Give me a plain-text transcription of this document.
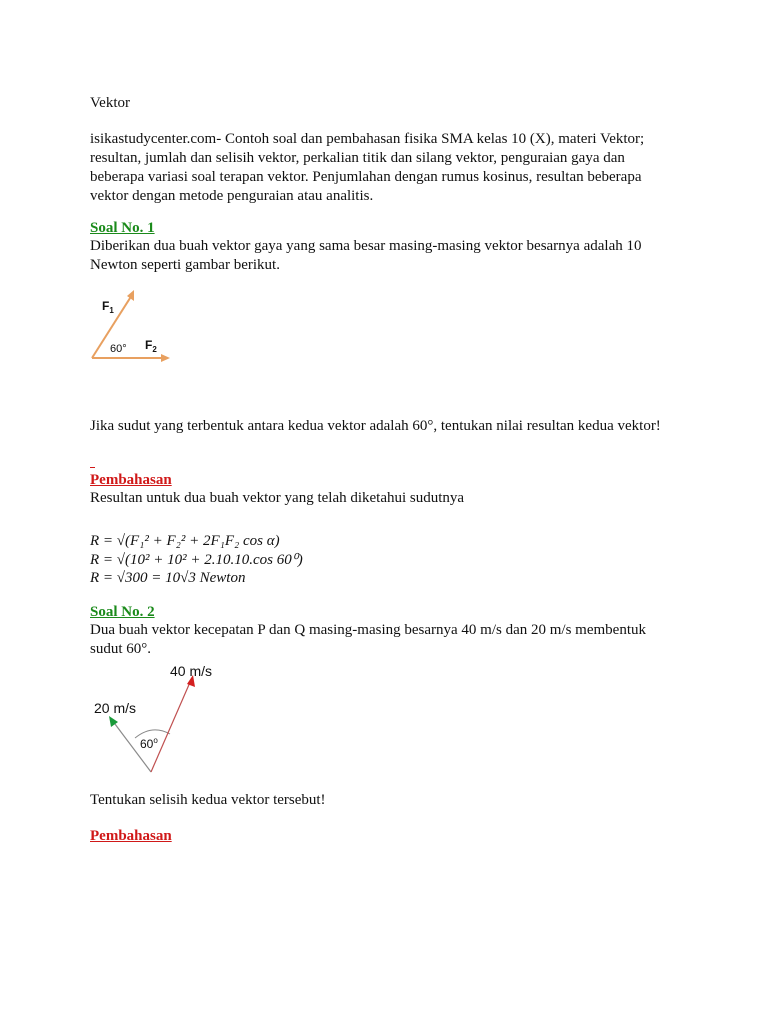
Vektor

isikastudycenter.com- Contoh soal dan pembahasan fisika SMA kelas 10 (X), materi Vektor; resultan, jumlah dan selisih vektor, perkalian titik dan silang vektor, penguraian gaya dan beberapa variasi soal terapan vektor. Penjumlahan dengan rumus kosinus, resultan beberapa vektor dengan metode penguraian atau analitis.

Soal No. 1

Diberikan dua buah vektor gaya yang sama besar masing-masing vektor besarnya adalah 10 Newton seperti gambar berikut.

$F_1$
$F_2$
60°

Jika sudut yang terbentuk antara kedua vektor adalah 60°, tentukan nilai resultan kedua vektor!

Pembahasan

Resultan untuk dua buah vektor yang telah diketahui sudutnya

R = √(F₁² + F₂² + 2F₁F₂ cos α)
R = √(10² + 10² + 2.10.10.cos 60⁰)
R = √300 = 10√3 Newton

Soal No. 2

Dua buah vektor kecepatan P dan Q masing-masing besarnya 40 m/s dan 20 m/s membentuk sudut 60°.

40 m/s
20 m/s
60$^o$

Tentukan selisih kedua vektor tersebut!

Pembahasan
